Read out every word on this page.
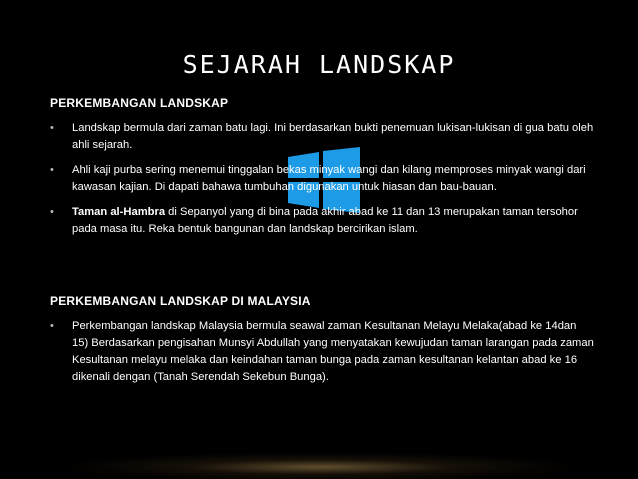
SEJARAH LANDSKAP
PERKEMBANGAN LANDSKAP
• Landskap bermula dari zaman batu lagi. Ini berdasarkan bukti penemuan lukisan-lukisan di gua batu oleh ahli sejarah.
• Ahli kaji purba sering menemui tinggalan bekas minyak wangi dan kilang memproses minyak wangi dari kawasan kajian. Di dapati bahawa tumbuhan digunakan untuk hiasan dan bau-bauan.
• Taman al-Hambra di Sepanyol yang di bina pada akhir abad ke 11 dan 13 merupakan taman tersohor pada masa itu. Reka bentuk bangunan dan landskap bercirikan islam.
PERKEMBANGAN LANDSKAP DI MALAYSIA
• Perkembangan landskap Malaysia bermula seawal zaman Kesultanan Melayu Melaka(abad ke 14dan 15) Berdasarkan pengisahan Munsyi Abdullah yang menyatakan kewujudan taman larangan pada zaman Kesultanan melayu melaka dan keindahan taman bunga pada zaman kesultanan kelantan abad ke 16 dikenali dengan (Tanah Serendah Sekebun Bunga).
